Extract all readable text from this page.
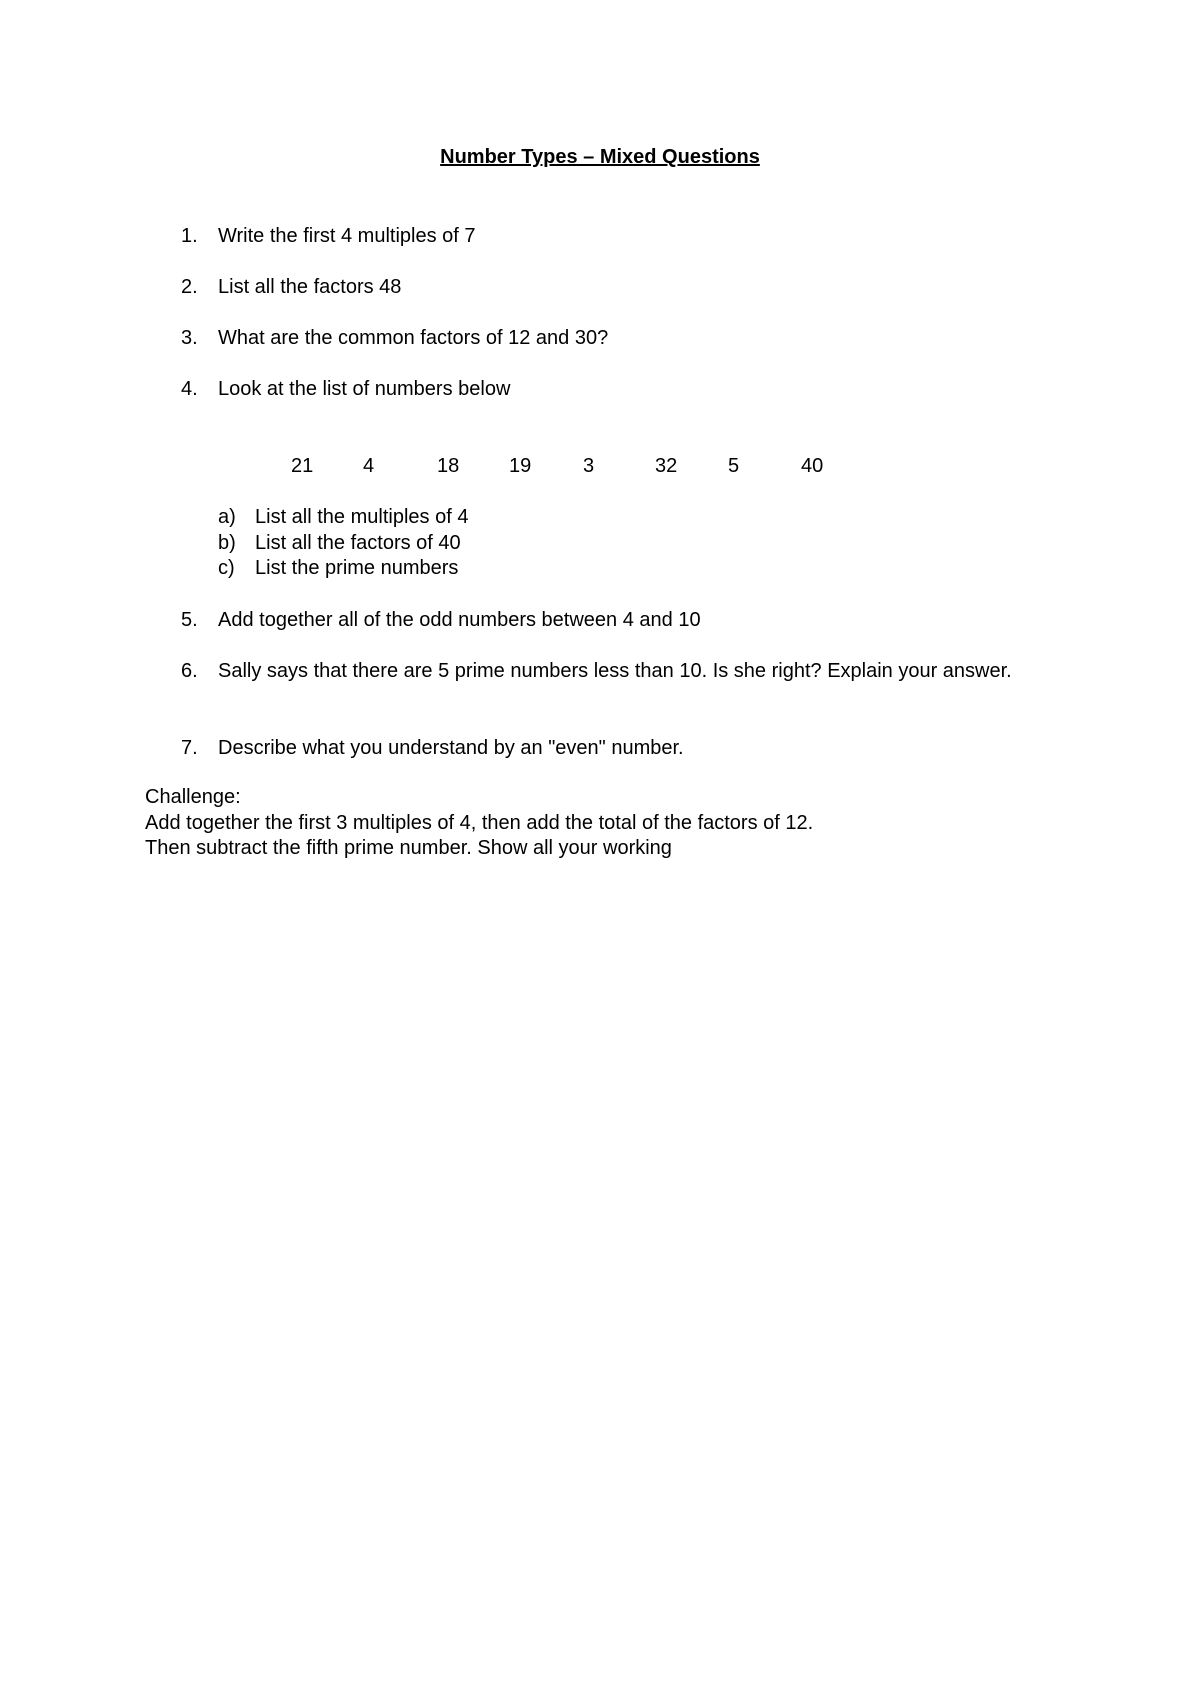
Number Types – Mixed Questions
1.	Write the first 4 multiples of 7
2.	List all the factors 48
3.	What are the common factors of 12 and 30?
4.	Look at the list of numbers below
21 4	18 19	3	32	5	40
a) List all the multiples of 4
b) List all the factors of 40
c) List the prime numbers
5.	Add together all of the odd numbers between 4 and 10
6.	Sally says that there are 5 prime numbers less than 10. Is she right? Explain your answer.
7.	Describe what you understand by an "even" number.
Challenge:
Add together the first 3 multiples of 4, then add the total of the factors of 12.
Then subtract the fifth prime number. Show all your working
